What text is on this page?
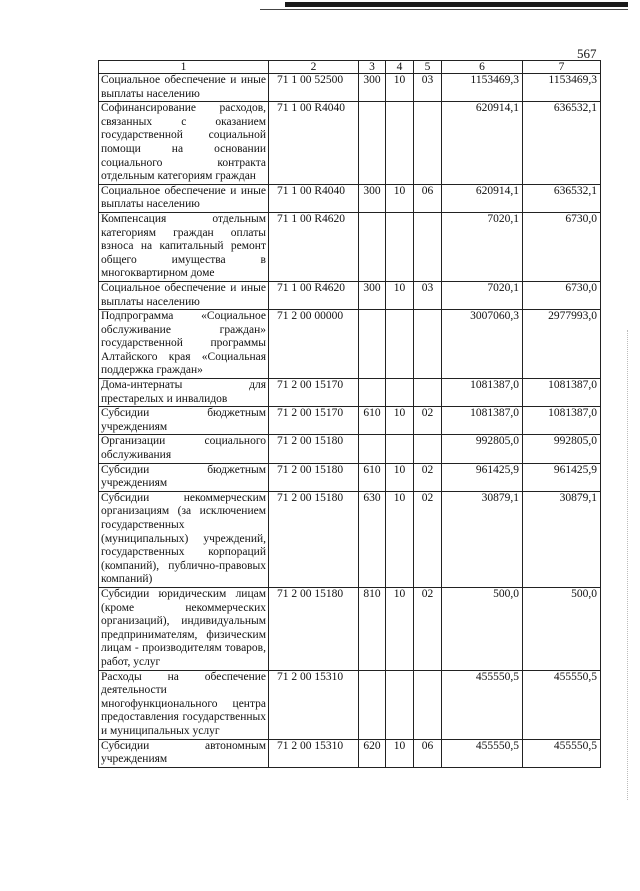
567
1	2	3	4	5	6	7
Социальное обеспечение и иные выплаты населению	71 1 00 52500	300	10	03	1153469,3	1153469,3
Софинансирование расходов, связанных с оказанием государственной социальной помощи на основании социального контракта отдельным категориям граждан	71 1 00 R4040				620914,1	636532,1
Социальное обеспечение и иные выплаты населению	71 1 00 R4040	300	10	06	620914,1	636532,1
Компенсация отдельным категориям граждан оплаты взноса на капитальный ремонт общего имущества в многоквартирном доме	71 1 00 R4620				7020,1	6730,0
Социальное обеспечение и иные выплаты населению	71 1 00 R4620	300	10	03	7020,1	6730,0
Подпрограмма «Социальное обслуживание граждан» государственной программы Алтайского края «Социальная поддержка граждан»	71 2 00 00000				3007060,3	2977993,0
Дома-интернаты для престарелых и инвалидов	71 2 00 15170				1081387,0	1081387,0
Субсидии бюджетным учреждениям	71 2 00 15170	610	10	02	1081387,0	1081387,0
Организации социального обслуживания	71 2 00 15180				992805,0	992805,0
Субсидии бюджетным учреждениям	71 2 00 15180	610	10	02	961425,9	961425,9
Субсидии некоммерческим организациям (за исключением государственных (муниципальных) учреждений, государственных корпораций (компаний), публично-правовых компаний)	71 2 00 15180	630	10	02	30879,1	30879,1
Субсидии юридическим лицам (кроме некоммерческих организаций), индивидуальным предпринимателям, физическим лицам - производителям товаров, работ, услуг	71 2 00 15180	810	10	02	500,0	500,0
Расходы на обеспечение деятельности многофункционального центра предоставления государственных и муниципальных услуг	71 2 00 15310				455550,5	455550,5
Субсидии автономным учреждениям	71 2 00 15310	620	10	06	455550,5	455550,5
